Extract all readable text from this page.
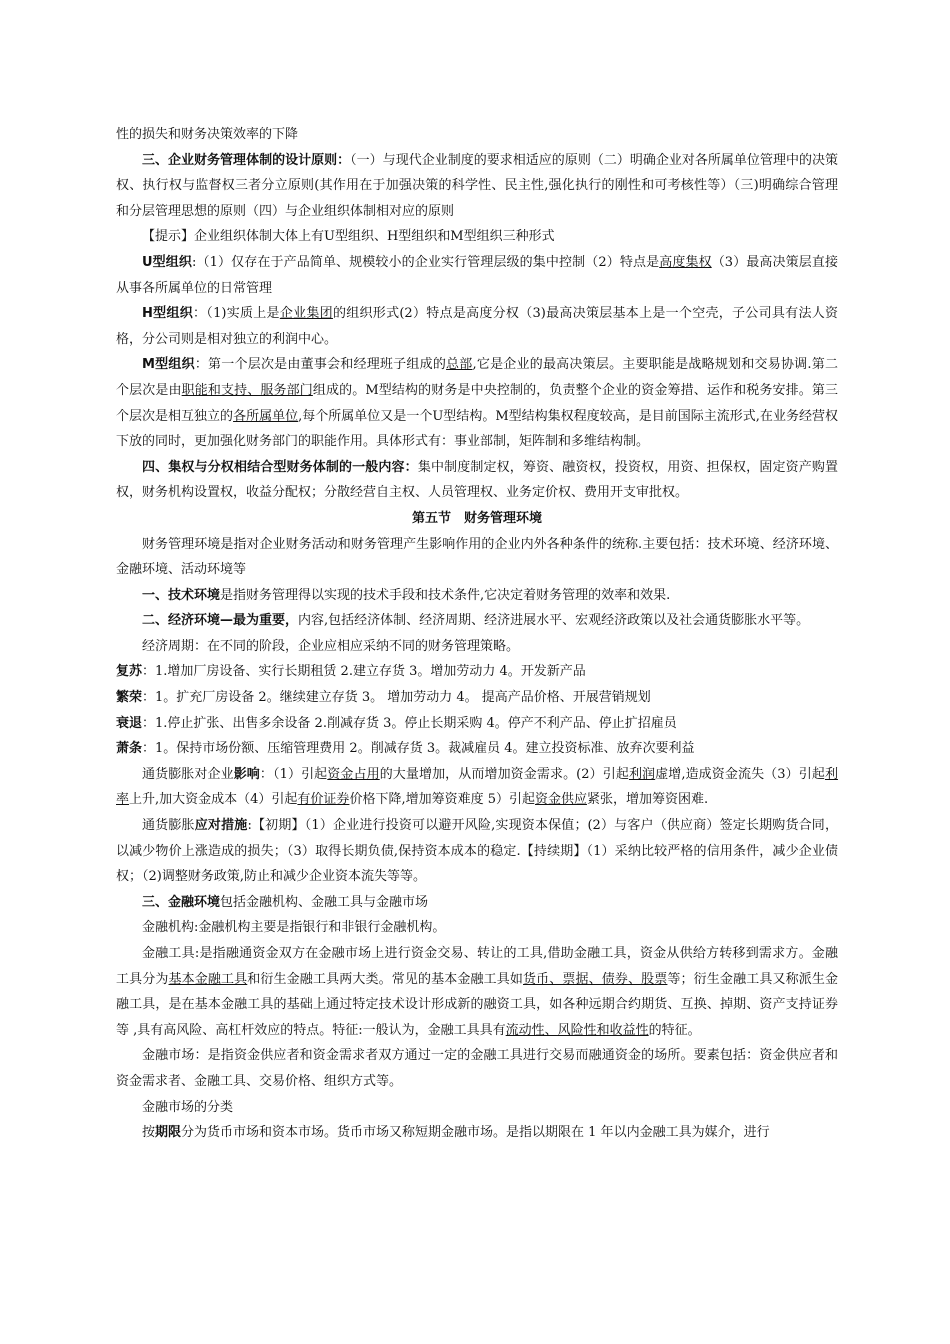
性的损失和财务决策效率的下降

三、企业财务管理体制的设计原则：（一）与现代企业制度的要求相适应的原则（二）明确企业对各所属单位管理中的决策权、执行权与监督权三者分立原则(其作用在于加强决策的科学性、民主性,强化执行的刚性和可考核性等）（三)明确综合管理和分层管理思想的原则（四）与企业组织体制相对应的原则

【提示】企业组织体制大体上有U型组织、H型组织和M型组织三种形式

U型组织:（1）仅存在于产品简单、规模较小的企业实行管理层级的集中控制（2）特点是高度集权（3）最高决策层直接从事各所属单位的日常管理

H型组织：（1)实质上是企业集团的组织形式(2）特点是高度分权（3)最高决策层基本上是一个空壳，子公司具有法人资格，分公司则是相对独立的利润中心。

M型组织：第一个层次是由董事会和经理班子组成的总部,它是企业的最高决策层。主要职能是战略规划和交易协调.第二个层次是由职能和支持、服务部门组成的。M型结构的财务是中央控制的，负责整个企业的资金筹措、运作和税务安排。第三个层次是相互独立的各所属单位,每个所属单位又是一个U型结构。M型结构集权程度较高，是目前国际主流形式,在业务经营权下放的同时，更加强化财务部门的职能作用。具体形式有：事业部制，矩阵制和多维结构制。

四、集权与分权相结合型财务体制的一般内容：集中制度制定权，筹资、融资权，投资权，用资、担保权，固定资产购置权，财务机构设置权，收益分配权；分散经营自主权、人员管理权、业务定价权、费用开支审批权。

第五节　财务管理环境

财务管理环境是指对企业财务活动和财务管理产生影响作用的企业内外各种条件的统称.主要包括：技术环境、经济环境、金融环境、活动环境等

一、技术环境是指财务管理得以实现的技术手段和技术条件,它决定着财务管理的效率和效果.

二、经济环境—最为重要，内容,包括经济体制、经济周期、经济进展水平、宏观经济政策以及社会通货膨胀水平等。

经济周期：在不同的阶段，企业应相应采纳不同的财务管理策略。

复苏：1.增加厂房设备、实行长期租赁 2.建立存货 3。增加劳动力 4。开发新产品

繁荣：1。扩充厂房设备 2。继续建立存货 3。 增加劳动力 4。 提高产品价格、开展营销规划

衰退：1.停止扩张、出售多余设备 2.削减存货 3。停止长期采购 4。停产不利产品、停止扩招雇员

萧条：1。保持市场份额、压缩管理费用 2。削减存货 3。裁减雇员 4。建立投资标准、放弃次要利益

通货膨胀对企业影响：（1）引起资金占用的大量增加，从而增加资金需求。(2）引起利润虚增,造成资金流失（3）引起利率上升,加大资金成本（4）引起有价证券价格下降,增加筹资难度 5）引起资金供应紧张，增加筹资困难.

通货膨胀应对措施:【初期】（1）企业进行投资可以避开风险,实现资本保值；(2）与客户（供应商）签定长期购货合同，以减少物价上涨造成的损失；（3）取得长期负债,保持资本成本的稳定.【持续期】（1）采纳比较严格的信用条件，减少企业债权；（2)调整财务政策,防止和减少企业资本流失等等。

三、金融环境包括金融机构、金融工具与金融市场

金融机构:金融机构主要是指银行和非银行金融机构。

金融工具:是指融通资金双方在金融市场上进行资金交易、转让的工具,借助金融工具，资金从供给方转移到需求方。金融工具分为基本金融工具和衍生金融工具两大类。常见的基本金融工具如货币、票据、债券、股票等；衍生金融工具又称派生金融工具，是在基本金融工具的基础上通过特定技术设计形成新的融资工具，如各种远期合约期货、互换、掉期、资产支持证券等 ,具有高风险、高杠杆效应的特点。特征:一般认为，金融工具具有流动性、风险性和收益性的特征。

金融市场：是指资金供应者和资金需求者双方通过一定的金融工具进行交易而融通资金的场所。要素包括：资金供应者和资金需求者、金融工具、交易价格、组织方式等。

金融市场的分类

按期限分为货币市场和资本市场。货币市场又称短期金融市场。是指以期限在 1 年以内金融工具为媒介，进行
